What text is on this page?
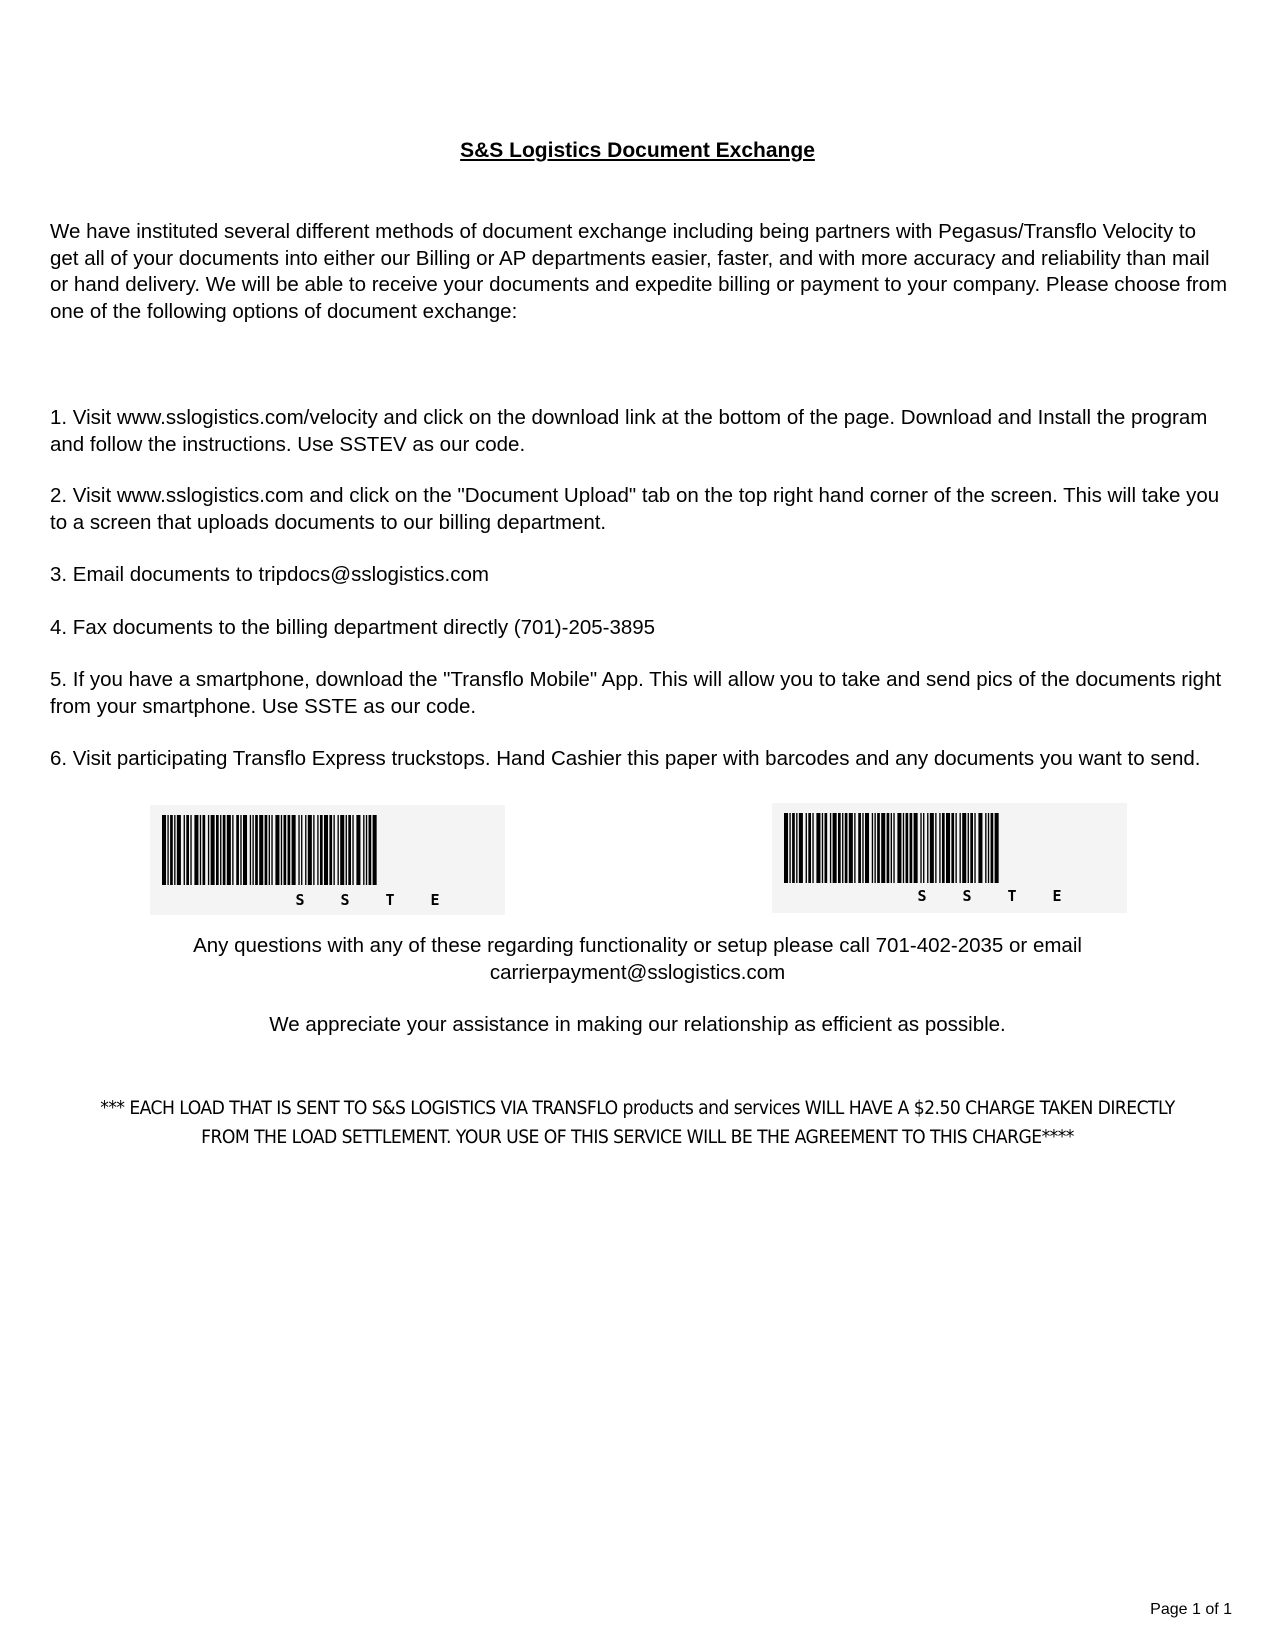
S&S Logistics Document Exchange
We have instituted several different methods of document exchange including being partners with Pegasus/Transflo Velocity to get all of your documents into either our Billing or AP departments easier, faster, and with more accuracy and reliability than mail or hand delivery. We will be able to receive your documents and expedite billing or payment to your company. Please choose from one of the following options of document exchange:
1. Visit www.sslogistics.com/velocity and click on the download link at the bottom of the page. Download and Install the program and follow the instructions. Use SSTEV as our code.
2. Visit www.sslogistics.com and click on the "Document Upload" tab on the top right hand corner of the screen. This will take you to a screen that uploads documents to our billing department.
3. Email documents to tripdocs@sslogistics.com
4. Fax documents to the billing department directly (701)-205-3895
5. If you have a smartphone, download the "Transflo Mobile" App. This will allow you to take and send pics of the documents right from your smartphone. Use SSTE as our code.
6. Visit participating Transflo Express truckstops. Hand Cashier this paper with barcodes and any documents you want to send.
S S T E	S S T E
Any questions with any of these regarding functionality or setup please call 701-402-2035 or email
carrierpayment@sslogistics.com
We appreciate your assistance in making our relationship as efficient as possible.
*** EACH LOAD THAT IS SENT TO S&S LOGISTICS VIA TRANSFLO products and services WILL HAVE A $2.50 CHARGE TAKEN DIRECTLY FROM THE LOAD SETTLEMENT. YOUR USE OF THIS SERVICE WILL BE THE AGREEMENT TO THIS CHARGE****
Page 1 of 1
